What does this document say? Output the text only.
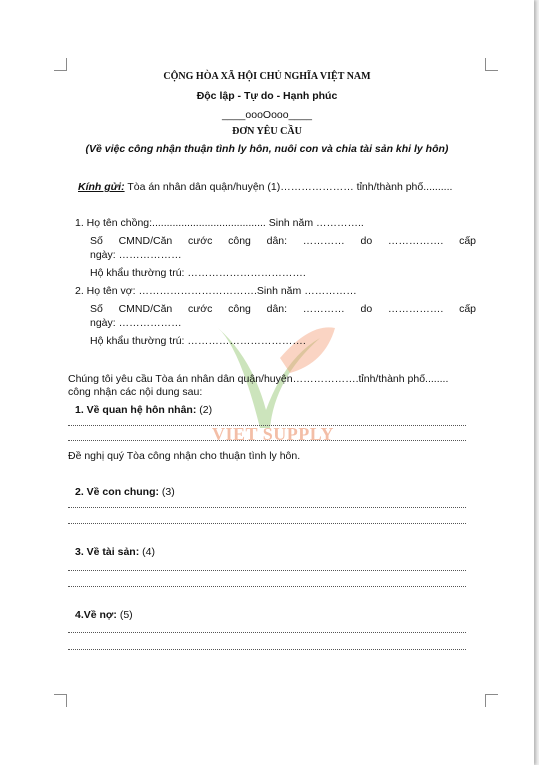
VIET SUPPLY
CỘNG HÒA XÃ HỘI CHỦ NGHĨA VIỆT NAM
Độc lập - Tự do - Hạnh phúc
____oooOooo____
ĐƠN YÊU CẦU
(Về việc công nhận thuận tình ly hôn, nuôi con và chia tài sản khi ly hôn)
Kính gửi: Tòa án nhân dân quận/huyện (1)………………… tỉnh/thành phố..........
1. Họ tên chồng:....................................... Sinh năm …………..
Số CMND/Căn cước công dân: ………… do ……………. cấp
ngày: ………………
Hộ khẩu thường trú: …………………………….
2. Họ tên vợ: …………………………….Sinh năm ……………
Số CMND/Căn cước công dân: ………… do ……………. cấp
ngày: ………………
Hộ khẩu thường trú: …………………………….
Chúng tôi yêu cầu Tòa án nhân dân quận/huyện……………….tỉnh/thành phố........
công nhận các nội dung sau:
1. Về quan hệ hôn nhân: (2)
Đề nghị quý Tòa công nhận cho thuận tình ly hôn.
2. Về con chung: (3)
3. Về tài sản: (4)
4.Về nợ: (5)
